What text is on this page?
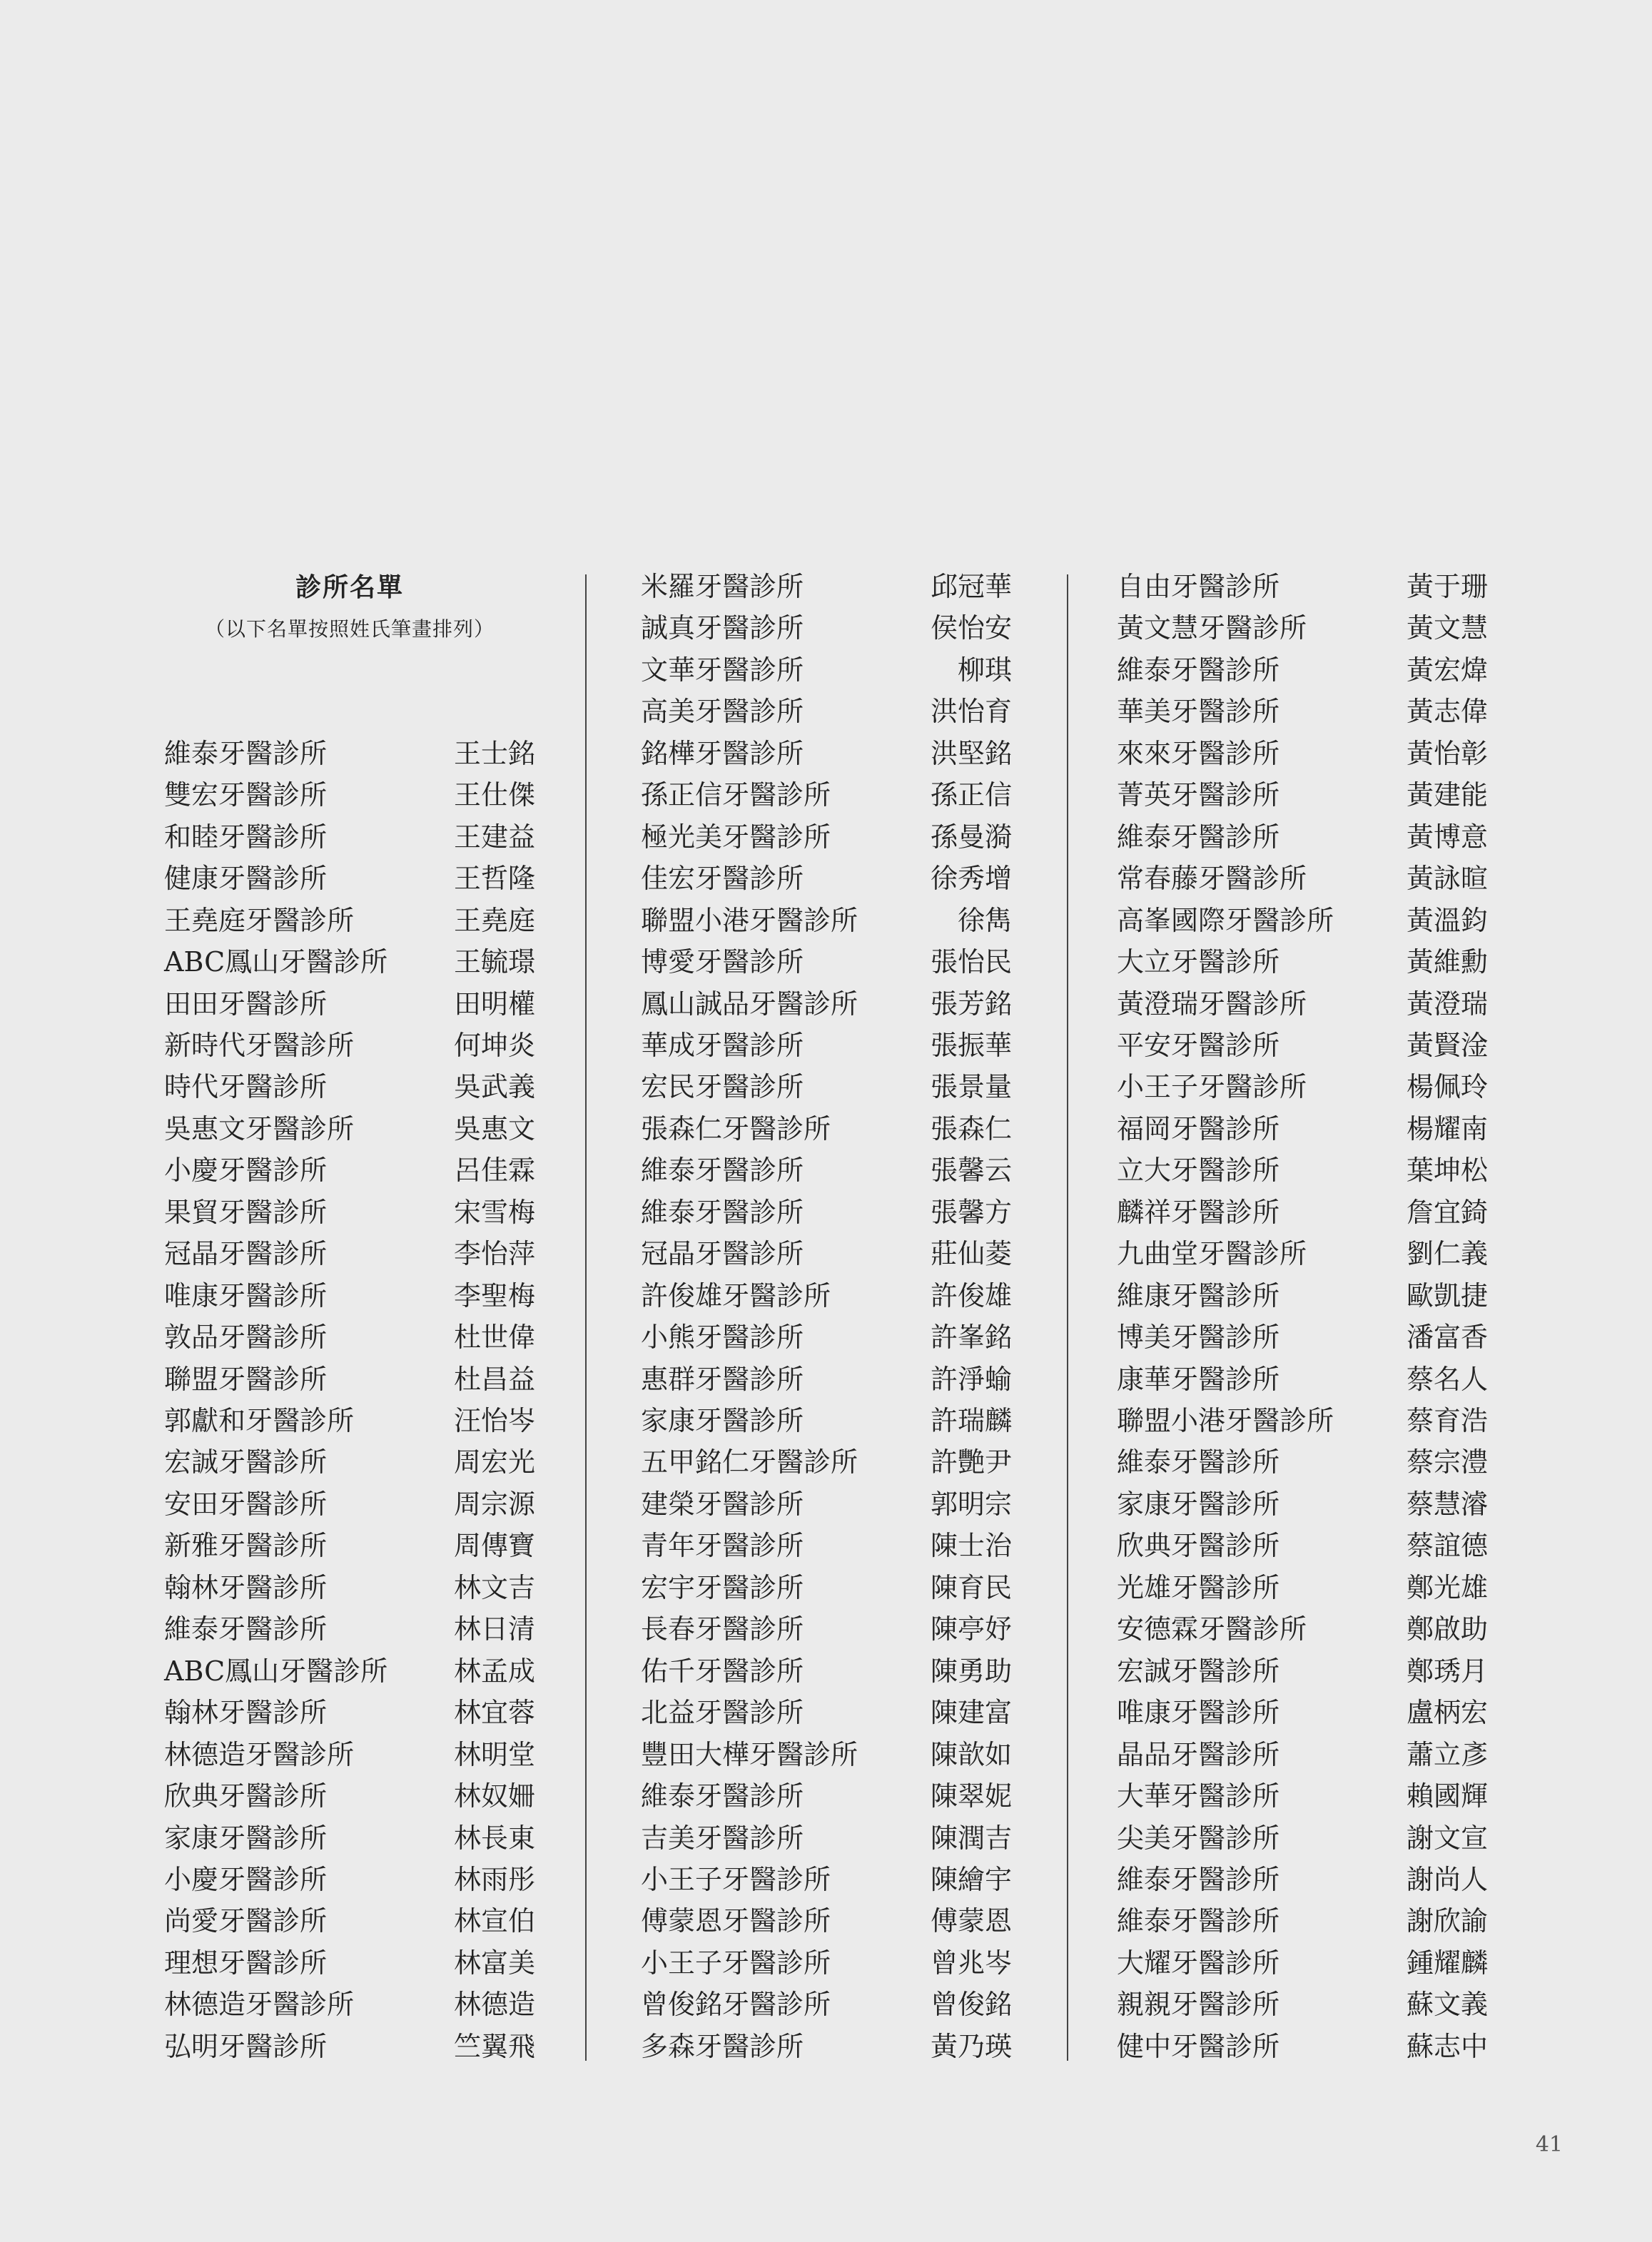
診所名單
（以下名單按照姓氏筆畫排列）
維泰牙醫診所	王士銘
雙宏牙醫診所	王仕傑
和睦牙醫診所	王建益
健康牙醫診所	王哲隆
王堯庭牙醫診所	王堯庭
ABC鳳山牙醫診所 王毓璟
田田牙醫診所	田明權
新時代牙醫診所	何坤炎
時代牙醫診所	吳武義
吳惠文牙醫診所	吳惠文
小慶牙醫診所	呂佳霖
果貿牙醫診所	宋雪梅
冠晶牙醫診所	李怡萍
唯康牙醫診所	李聖梅
敦品牙醫診所	杜世偉
聯盟牙醫診所	杜昌益
郭獻和牙醫診所	汪怡岑
宏誠牙醫診所	周宏光
安田牙醫診所	周宗源
新雅牙醫診所	周傳寶
翰林牙醫診所	林文吉
維泰牙醫診所	林日清
ABC鳳山牙醫診所 林孟成
翰林牙醫診所	林宜蓉
林德造牙醫診所	林明堂
欣典牙醫診所	林奴姍
家康牙醫診所	林長東
小慶牙醫診所	林雨彤
尚愛牙醫診所	林宣伯
理想牙醫診所	林富美
林德造牙醫診所	林德造
弘明牙醫診所	竺翼飛
米羅牙醫診所	邱冠華
誠真牙醫診所	侯怡安
文華牙醫診所	柳琪
高美牙醫診所	洪怡育
銘樺牙醫診所	洪堅銘
孫正信牙醫診所	孫正信
極光美牙醫診所	孫曼漪
佳宏牙醫診所	徐秀增
聯盟小港牙醫診所	徐雋
博愛牙醫診所	張怡民
鳳山誠品牙醫診所	張芳銘
華成牙醫診所	張振華
宏民牙醫診所	張景量
張森仁牙醫診所	張森仁
維泰牙醫診所	張馨云
維泰牙醫診所	張馨方
冠晶牙醫診所	莊仙菱
許俊雄牙醫診所	許俊雄
小熊牙醫診所	許峯銘
惠群牙醫診所	許淨蝓
家康牙醫診所	許瑞麟
五甲銘仁牙醫診所	許艷尹
建榮牙醫診所	郭明宗
青年牙醫診所	陳士治
宏宇牙醫診所	陳育民
長春牙醫診所	陳亭妤
佑千牙醫診所	陳勇助
北益牙醫診所	陳建富
豐田大樺牙醫診所	陳歆如
維泰牙醫診所	陳翠妮
吉美牙醫診所	陳潤吉
小王子牙醫診所	陳繪宇
傅蒙恩牙醫診所	傅蒙恩
小王子牙醫診所	曾兆岑
曾俊銘牙醫診所	曾俊銘
多森牙醫診所	黃乃瑛
自由牙醫診所	黃于珊
黃文慧牙醫診所	黃文慧
維泰牙醫診所	黃宏煒
華美牙醫診所	黃志偉
來來牙醫診所	黃怡彰
菁英牙醫診所	黃建能
維泰牙醫診所	黃博意
常春藤牙醫診所	黃詠暄
高峯國際牙醫診所	黃溫鈞
大立牙醫診所	黃維勳
黃澄瑞牙醫診所	黃澄瑞
平安牙醫診所	黃賢淦
小王子牙醫診所	楊佩玲
福岡牙醫診所	楊耀南
立大牙醫診所	葉坤松
麟祥牙醫診所	詹宜錡
九曲堂牙醫診所	劉仁義
維康牙醫診所	歐凱捷
博美牙醫診所	潘富香
康華牙醫診所	蔡名人
聯盟小港牙醫診所	蔡育浩
維泰牙醫診所	蔡宗澧
家康牙醫診所	蔡慧濬
欣典牙醫診所	蔡誼德
光雄牙醫診所	鄭光雄
安德霖牙醫診所	鄭啟助
宏誠牙醫診所	鄭琇月
唯康牙醫診所	盧柄宏
晶品牙醫診所	蕭立彥
大華牙醫診所	賴國輝
尖美牙醫診所	謝文宣
維泰牙醫診所	謝尚人
維泰牙醫診所	謝欣諭
大耀牙醫診所	鍾耀麟
親親牙醫診所	蘇文義
健中牙醫診所	蘇志中
41
